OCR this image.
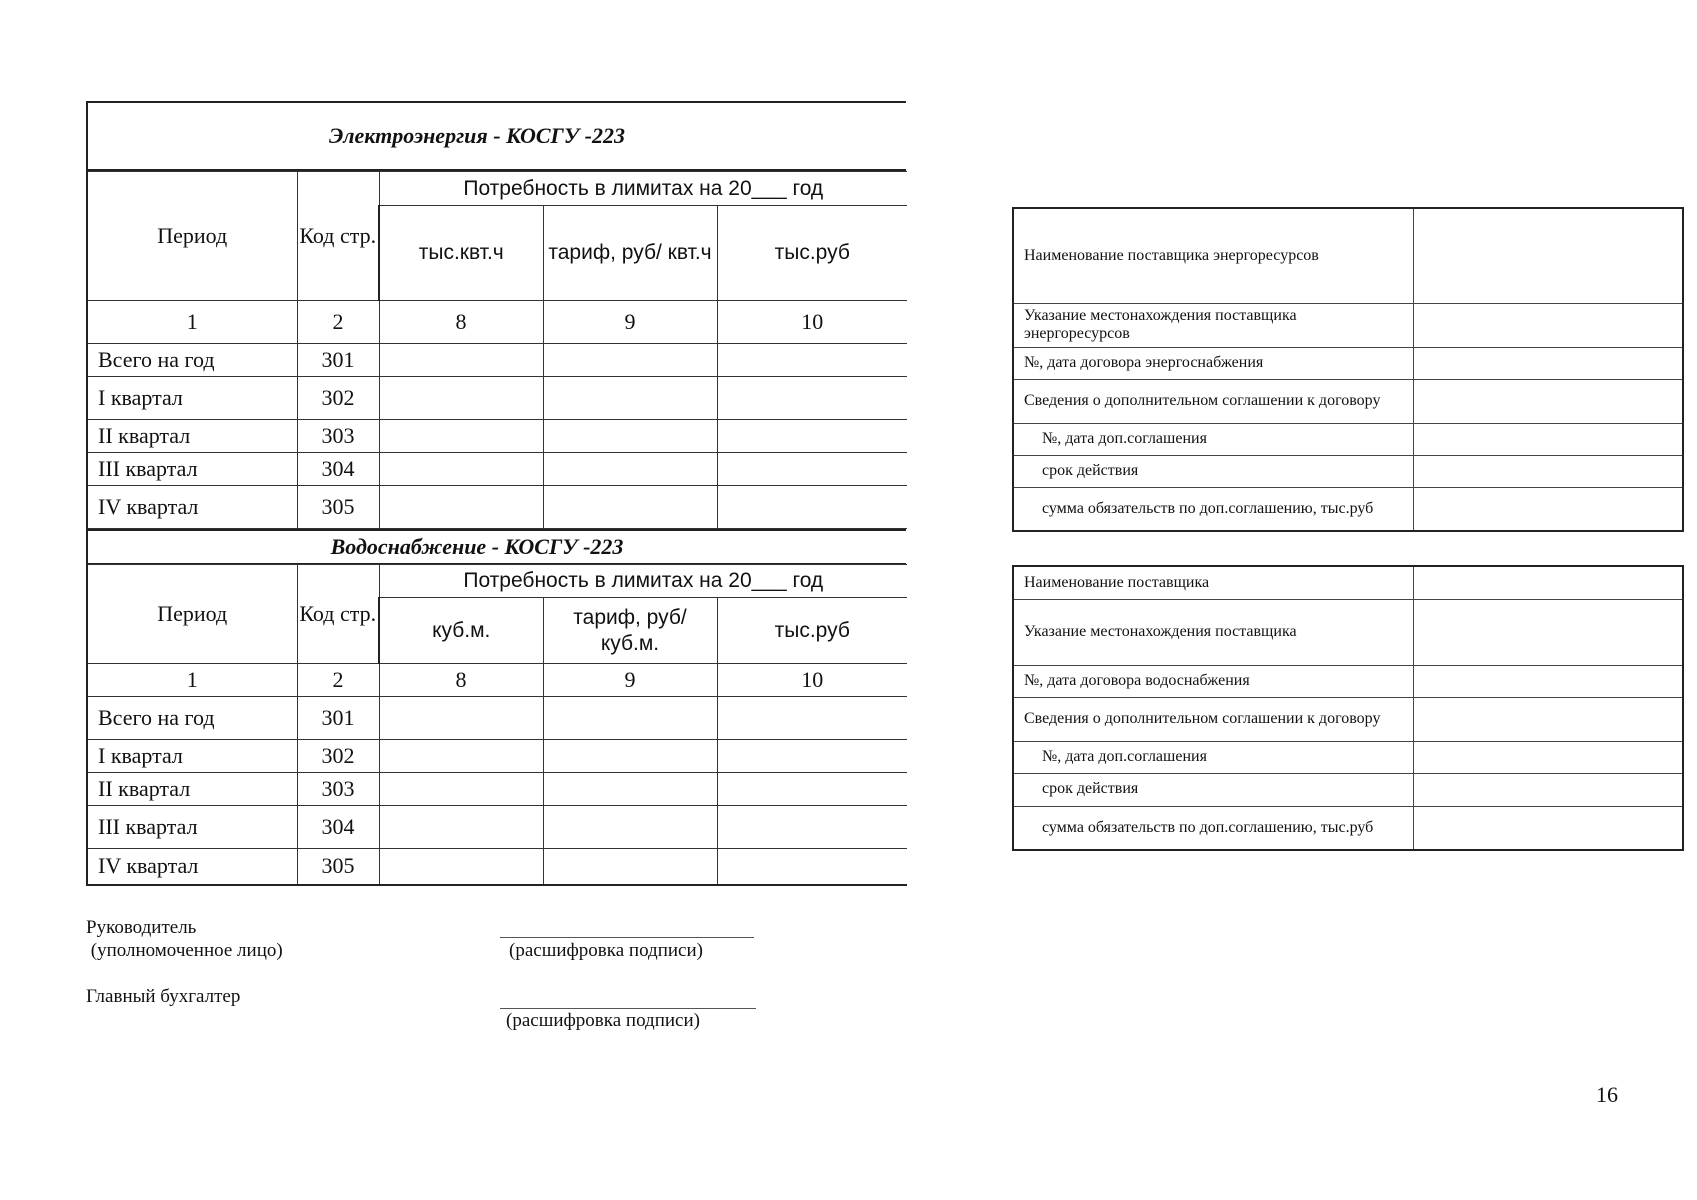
Электроэнергия - КОСГУ -223
Период	Код стр.	Потребность в лимитах на 20___ год		
		тыс.квт.ч	тариф, руб/ квт.ч	тыс.руб
1	2	8	9	10
Всего на год	301			
I квартал	302			
II квартал	303			
III квартал	304			
IV квартал	305			
Водоснабжение - КОСГУ -223
Период	Код стр.	Потребность в лимитах на 20___ год		
		куб.м.	тариф, руб/ куб.м.	тыс.руб
1	2	8	9	10
Всего на год	301			
I квартал	302			
II квартал	303			
III квартал	304			
IV квартал	305			
Наименование поставщика энергоресурсов	
Указание местонахождения поставщика энергоресурсов	
№, дата договора энергоснабжения	
Сведения о дополнительном соглашении к договору	
№, дата доп.соглашения	
срок действия	
сумма обязательств по доп.соглашению, тыс.руб	
Наименование поставщика	
Указание местонахождения поставщика	
№, дата договора водоснабжения	
Сведения о дополнительном соглашении к договору	
№, дата доп.соглашения	
срок действия	
сумма обязательств по доп.соглашению, тыс.руб	
Руководитель
(уполномоченное лицо)	(расшифровка подписи)
Главный бухгалтер
(расшифровка подписи)
16
